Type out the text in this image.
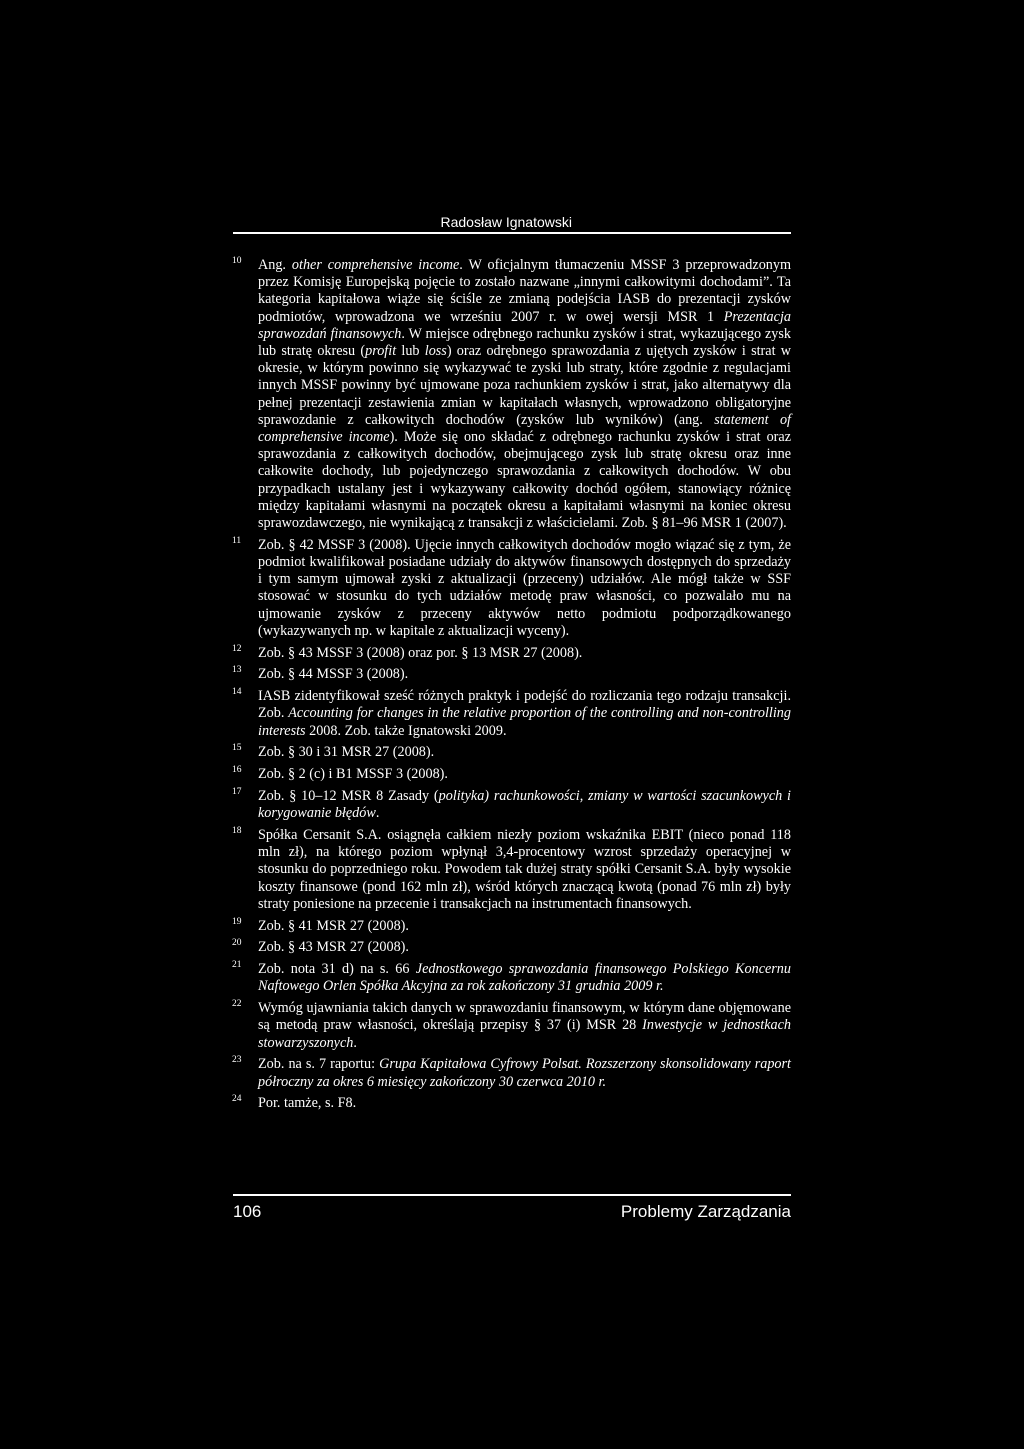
Radosław Ignatowski
10 Ang. other comprehensive income. W oficjalnym tłumaczeniu MSSF 3 przeprowadzonym przez Komisję Europejską pojęcie to zostało nazwane „innymi całkowitymi dochodami”. Ta kategoria kapitałowa wiąże się ściśle ze zmianą podejścia IASB do prezentacji zysków podmiotów, wprowadzona we wrześniu 2007 r. w owej wersji MSR 1 Prezentacja sprawozdań finansowych. W miejsce odrębnego rachunku zysków i strat, wykazującego zysk lub stratę okresu (profit lub loss) oraz odrębnego sprawozdania z ujętych zysków i strat w okresie, w którym powinno się wykazywać te zyski lub straty, które zgodnie z regulacjami innych MSSF powinny być ujmowane poza rachunkiem zysków i strat, jako alternatywy dla pełnej prezentacji zestawienia zmian w kapitałach własnych, wprowadzono obligatoryjne sprawozdanie z całkowitych dochodów (zysków lub wyników) (ang. statement of comprehensive income). Może się ono składać z odrębnego rachunku zysków i strat oraz sprawozdania z całkowitych dochodów, obejmującego zysk lub stratę okresu oraz inne całkowite dochody, lub pojedynczego sprawozdania z całkowitych dochodów. W obu przypadkach ustalany jest i wykazywany całkowity dochód ogółem, stanowiący różnicę między kapitałami własnymi na początek okresu a kapitałami własnymi na koniec okresu sprawozdawczego, nie wynikającą z transakcji z właścicielami. Zob. § 81–96 MSR 1 (2007).
11 Zob. § 42 MSSF 3 (2008). Ujęcie innych całkowitych dochodów mogło wiązać się z tym, że podmiot kwalifikował posiadane udziały do aktywów finansowych dostępnych do sprzedaży i tym samym ujmował zyski z aktualizacji (przeceny) udziałów. Ale mógł także w SSF stosować w stosunku do tych udziałów metodę praw własności, co pozwalało mu na ujmowanie zysków z przeceny aktywów netto podmiotu podporządkowanego (wykazywanych np. w kapitale z aktualizacji wyceny).
12 Zob. § 43 MSSF 3 (2008) oraz por. § 13 MSR 27 (2008).
13 Zob. § 44 MSSF 3 (2008).
14 IASB zidentyfikował sześć różnych praktyk i podejść do rozliczania tego rodzaju transakcji. Zob. Accounting for changes in the relative proportion of the controlling and non-controlling interests 2008. Zob. także Ignatowski 2009.
15 Zob. § 30 i 31 MSR 27 (2008).
16 Zob. § 2 (c) i B1 MSSF 3 (2008).
17 Zob. § 10–12 MSR 8 Zasady (polityka) rachunkowości, zmiany w wartości szacunkowych i korygowanie błędów.
18 Spółka Cersanit S.A. osiągnęła całkiem niezły poziom wskaźnika EBIT (nieco ponad 118 mln zł), na którego poziom wpłynął 3,4-procentowy wzrost sprzedaży operacyjnej w stosunku do poprzedniego roku. Powodem tak dużej straty spółki Cersanit S.A. były wysokie koszty finansowe (pond 162 mln zł), wśród których znaczącą kwotą (ponad 76 mln zł) były straty poniesione na przecenie i transakcjach na instrumentach finansowych.
19 Zob. § 41 MSR 27 (2008).
20 Zob. § 43 MSR 27 (2008).
21 Zob. nota 31 d) na s. 66 Jednostkowego sprawozdania finansowego Polskiego Koncernu Naftowego Orlen Spółka Akcyjna za rok zakończony 31 grudnia 2009 r.
22 Wymóg ujawniania takich danych w sprawozdaniu finansowym, w którym dane objęmowane są metodą praw własności, określają przepisy § 37 (i) MSR 28 Inwestycje w jednostkach stowarzyszonych.
23 Zob. na s. 7 raportu: Grupa Kapitałowa Cyfrowy Polsat. Rozszerzony skonsolidowany raport półroczny za okres 6 miesięcy zakończony 30 czerwca 2010 r.
24 Por. tamże, s. F8.
106	Problemy Zarządzania
